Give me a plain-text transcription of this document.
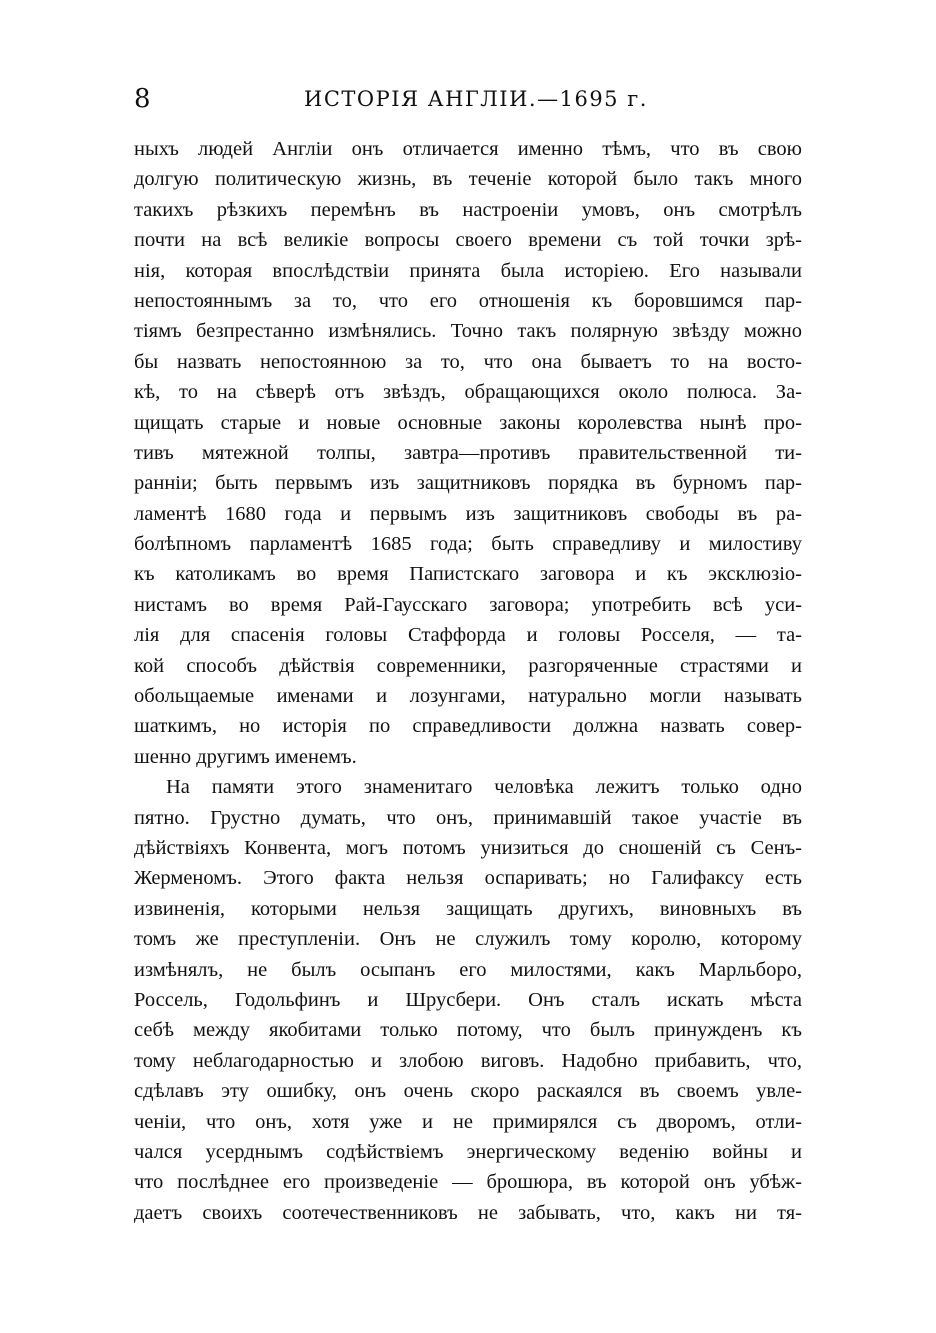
8	ИСТОРІЯ АНГЛІИ.—1695 г.
ныхъ людей Англіи онъ отличается именно тѣмъ, что въ свою
долгую политическую жизнь, въ теченіе которой было такъ много
такихъ рѣзкихъ перемѣнъ въ настроеніи умовъ, онъ смотрѣлъ
почти на всѣ великіе вопросы своего времени съ той точки зрѣ-
нія, которая впослѣдствіи принята была исторіею. Его называли
непостояннымъ за то, что его отношенія къ боровшимся пар-
тіямъ безпрестанно измѣнялись. Точно такъ полярную звѣзду можно
бы назвать непостоянною за то, что она бываетъ то на восто-
кѣ, то на сѣверѣ отъ звѣздъ, обращающихся около полюса. За-
щищать старые и новые основные законы королевства нынѣ про-
тивъ мятежной толпы, завтра—противъ правительственной ти-
ранніи; быть первымъ изъ защитниковъ порядка въ бурномъ пар-
ламентѣ 1680 года и первымъ изъ защитниковъ свободы въ ра-
болѣпномъ парламентѣ 1685 года; быть справедливу и милостиву
къ католикамъ во время Папистскаго заговора и къ эксклюзіо-
нистамъ во время Рай-Гаусскаго заговора; употребить всѣ уси-
лія для спасенія головы Стаффорда и головы Росселя, — та-
кой способъ дѣйствія современники, разгоряченные страстями и
обольщаемые именами и лозунгами, натурально могли называть
шаткимъ, но исторія по справедливости должна назвать совер-
шенно другимъ именемъ.
На памяти этого знаменитаго человѣка лежитъ только одно
пятно. Грустно думать, что онъ, принимавшій такое участіе въ
дѣйствіяхъ Конвента, могъ потомъ унизиться до сношеній съ Сенъ-
Жерменомъ. Этого факта нельзя оспаривать; но Галифаксу есть
извиненія, которыми нельзя защищать другихъ, виновныхъ въ
томъ же преступленіи. Онъ не служилъ тому королю, которому
измѣнялъ, не былъ осыпанъ его милостями, какъ Марльборо,
Россель, Годольфинъ и Шрусбери. Онъ сталъ искать мѣста
себѣ между якобитами только потому, что былъ принужденъ къ
тому неблагодарностью и злобою виговъ. Надобно прибавить, что,
сдѣлавъ эту ошибку, онъ очень скоро раскаялся въ своемъ увле-
ченіи, что онъ, хотя уже и не примирялся съ дворомъ, отли-
чался усерднымъ содѣйствіемъ энергическому веденію войны и
что послѣднее его произведеніе — брошюра, въ которой онъ убѣж-
даетъ своихъ соотечественниковъ не забывать, что, какъ ни тя-
